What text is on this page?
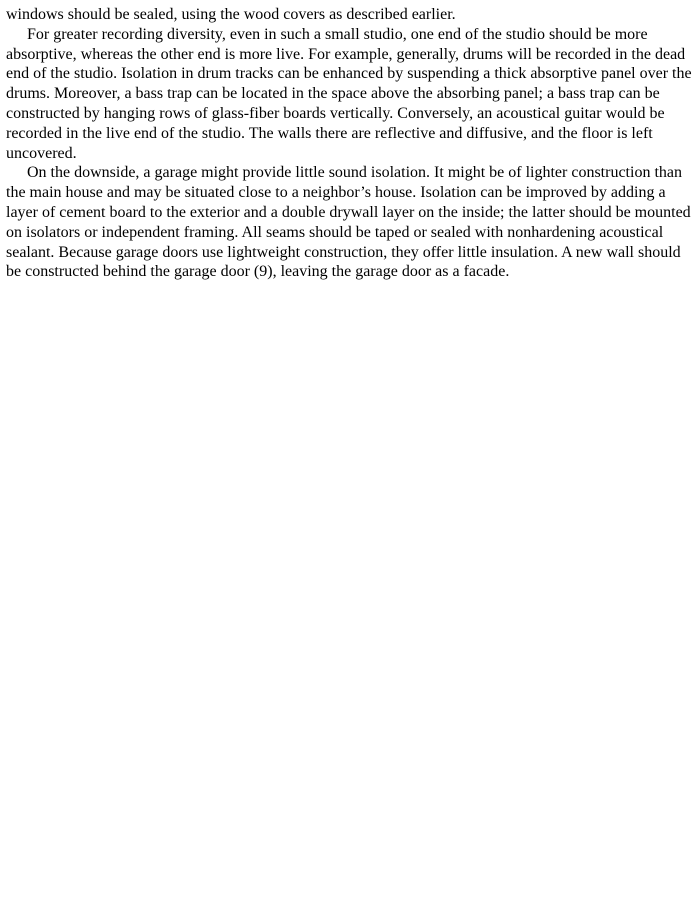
windows should be sealed, using the wood covers as described earlier.

For greater recording diversity, even in such a small studio, one end of the studio should be more absorptive, whereas the other end is more live. For example, generally, drums will be recorded in the dead end of the studio. Isolation in drum tracks can be enhanced by suspending a thick absorptive panel over the drums. Moreover, a bass trap can be located in the space above the absorbing panel; a bass trap can be constructed by hanging rows of glass-fiber boards vertically. Conversely, an acoustical guitar would be recorded in the live end of the studio. The walls there are reflective and diffusive, and the floor is left uncovered.

On the downside, a garage might provide little sound isolation. It might be of lighter construction than the main house and may be situated close to a neighbor’s house. Isolation can be improved by adding a layer of cement board to the exterior and a double drywall layer on the inside; the latter should be mounted on isolators or independent framing. All seams should be taped or sealed with nonhardening acoustical sealant. Because garage doors use lightweight construction, they offer little insulation. A new wall should be constructed behind the garage door (9), leaving the garage door as a facade.
